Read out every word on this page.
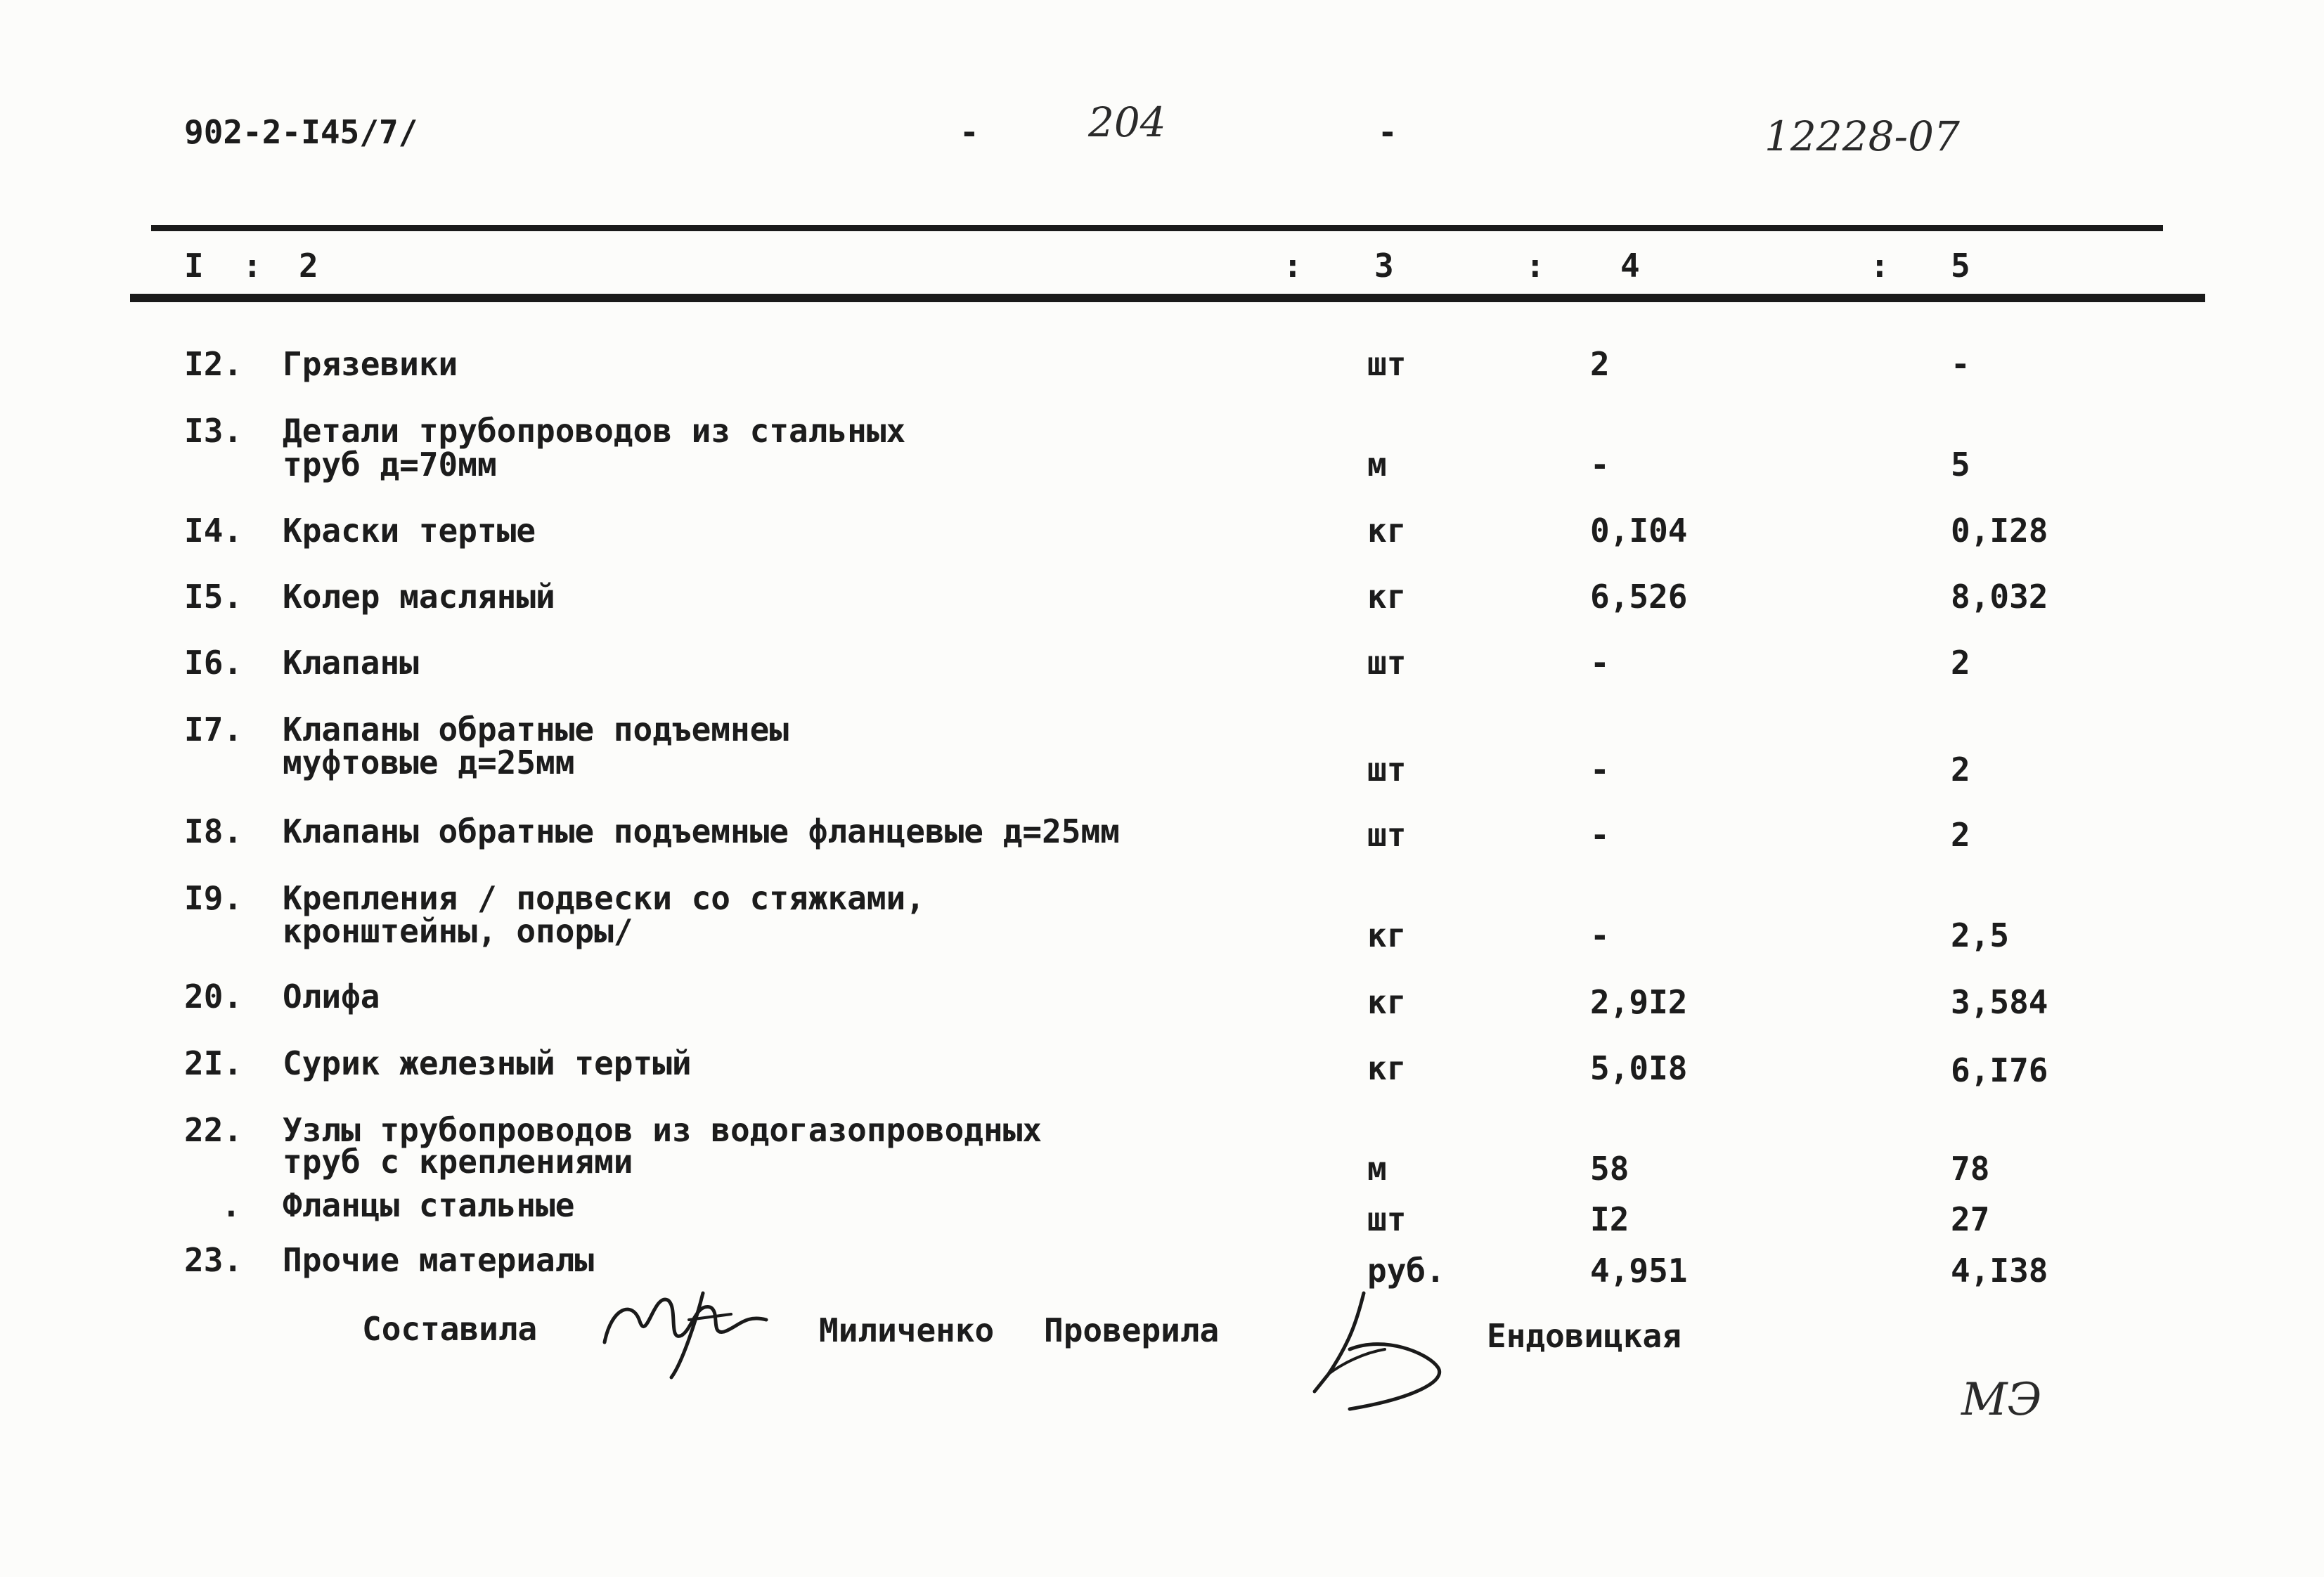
902-2-I45/7/	-	204	-	12228-07
I : 2	: 3	: 4	: 5
I2. Грязевики	шт	2	-
I3. Детали трубопроводов из стальных
труб д=70мм	м	-	5
I4. Краски тертые	кг	0,I04	0,I28
I5. Колер масляный	кг	6,526	8,032
I6. Клапаны	шт	-	2
I7. Клапаны обратные подъемнеы
муфтовые д=25мм	шт	-	2
I8. Клапаны обратные подъемные фланцевые д=25мм	шт	-	2
I9. Крепления / подвески со стяжками,
кронштейны, опоры/	кг	-	2,5
20. Олифа	кг	2,9I2	3,584
2I. Сурик железный тертый	кг	5,0I8	6,I76
22. Узлы трубопроводов из водогазопроводных
труб с креплениями	м	58	78
. Фланцы стальные	шт	I2	27
23. Прочие материалы	руб.	4,951	4,I38
Составила	Миличенко Проверила	Ендовицкая
МЭ
